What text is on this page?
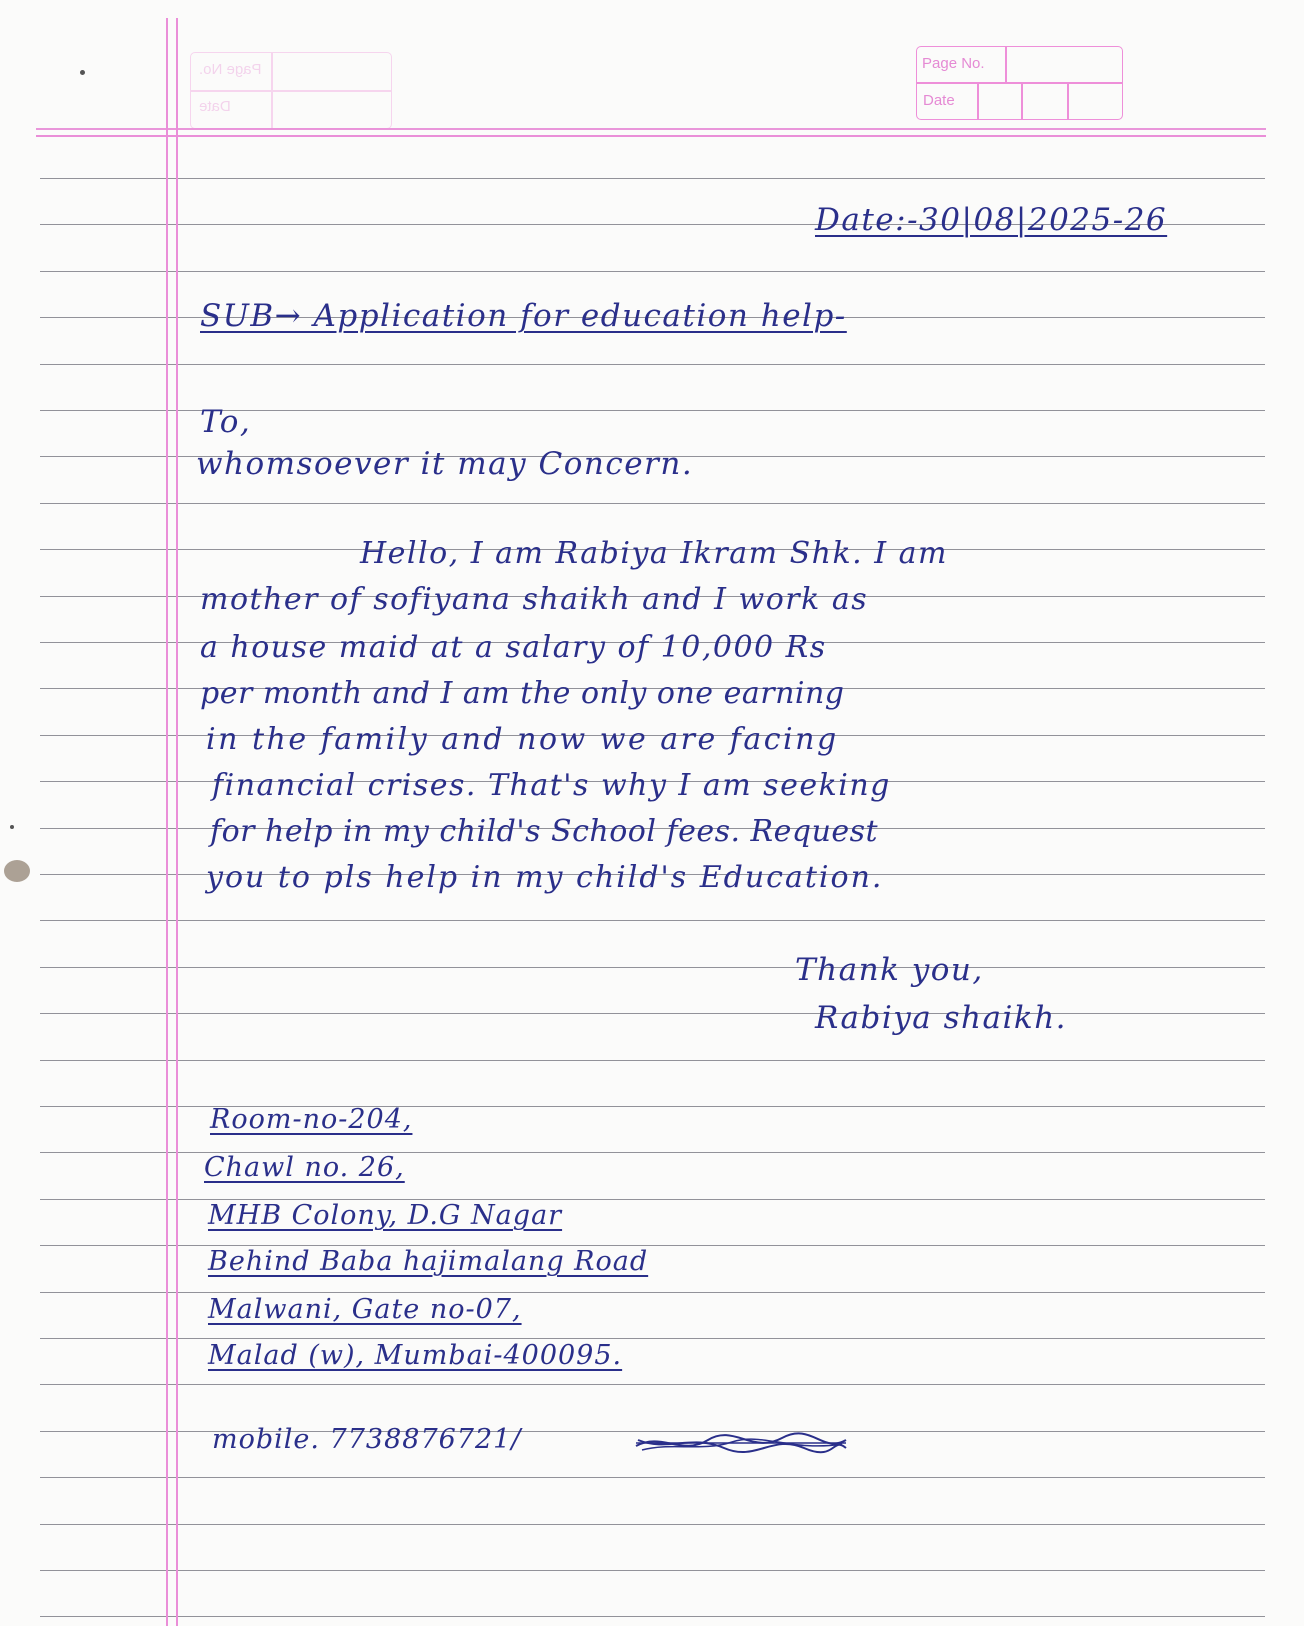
Page No.
Date
Page No.
Date
Date:-30|08|2025-26
SUB→ Application for education help-
To,
whomsoever it may Concern.
Hello, I am Rabiya Ikram Shk. I am
mother of sofiyana shaikh and I work as
a house maid at a salary of 10,000 Rs
per month and I am the only one earning
in the family and now we are facing
financial crises. That's why I am seeking
for help in my child's School fees. Request
you to pls help in my child's Education.
Thank you,
Rabiya shaikh.
Room-no-204,
Chawl no. 26,
MHB Colony, D.G Nagar
Behind Baba hajimalang Road
Malwani, Gate no-07,
Malad (w), Mumbai-400095.
mobile. 7738876721/
